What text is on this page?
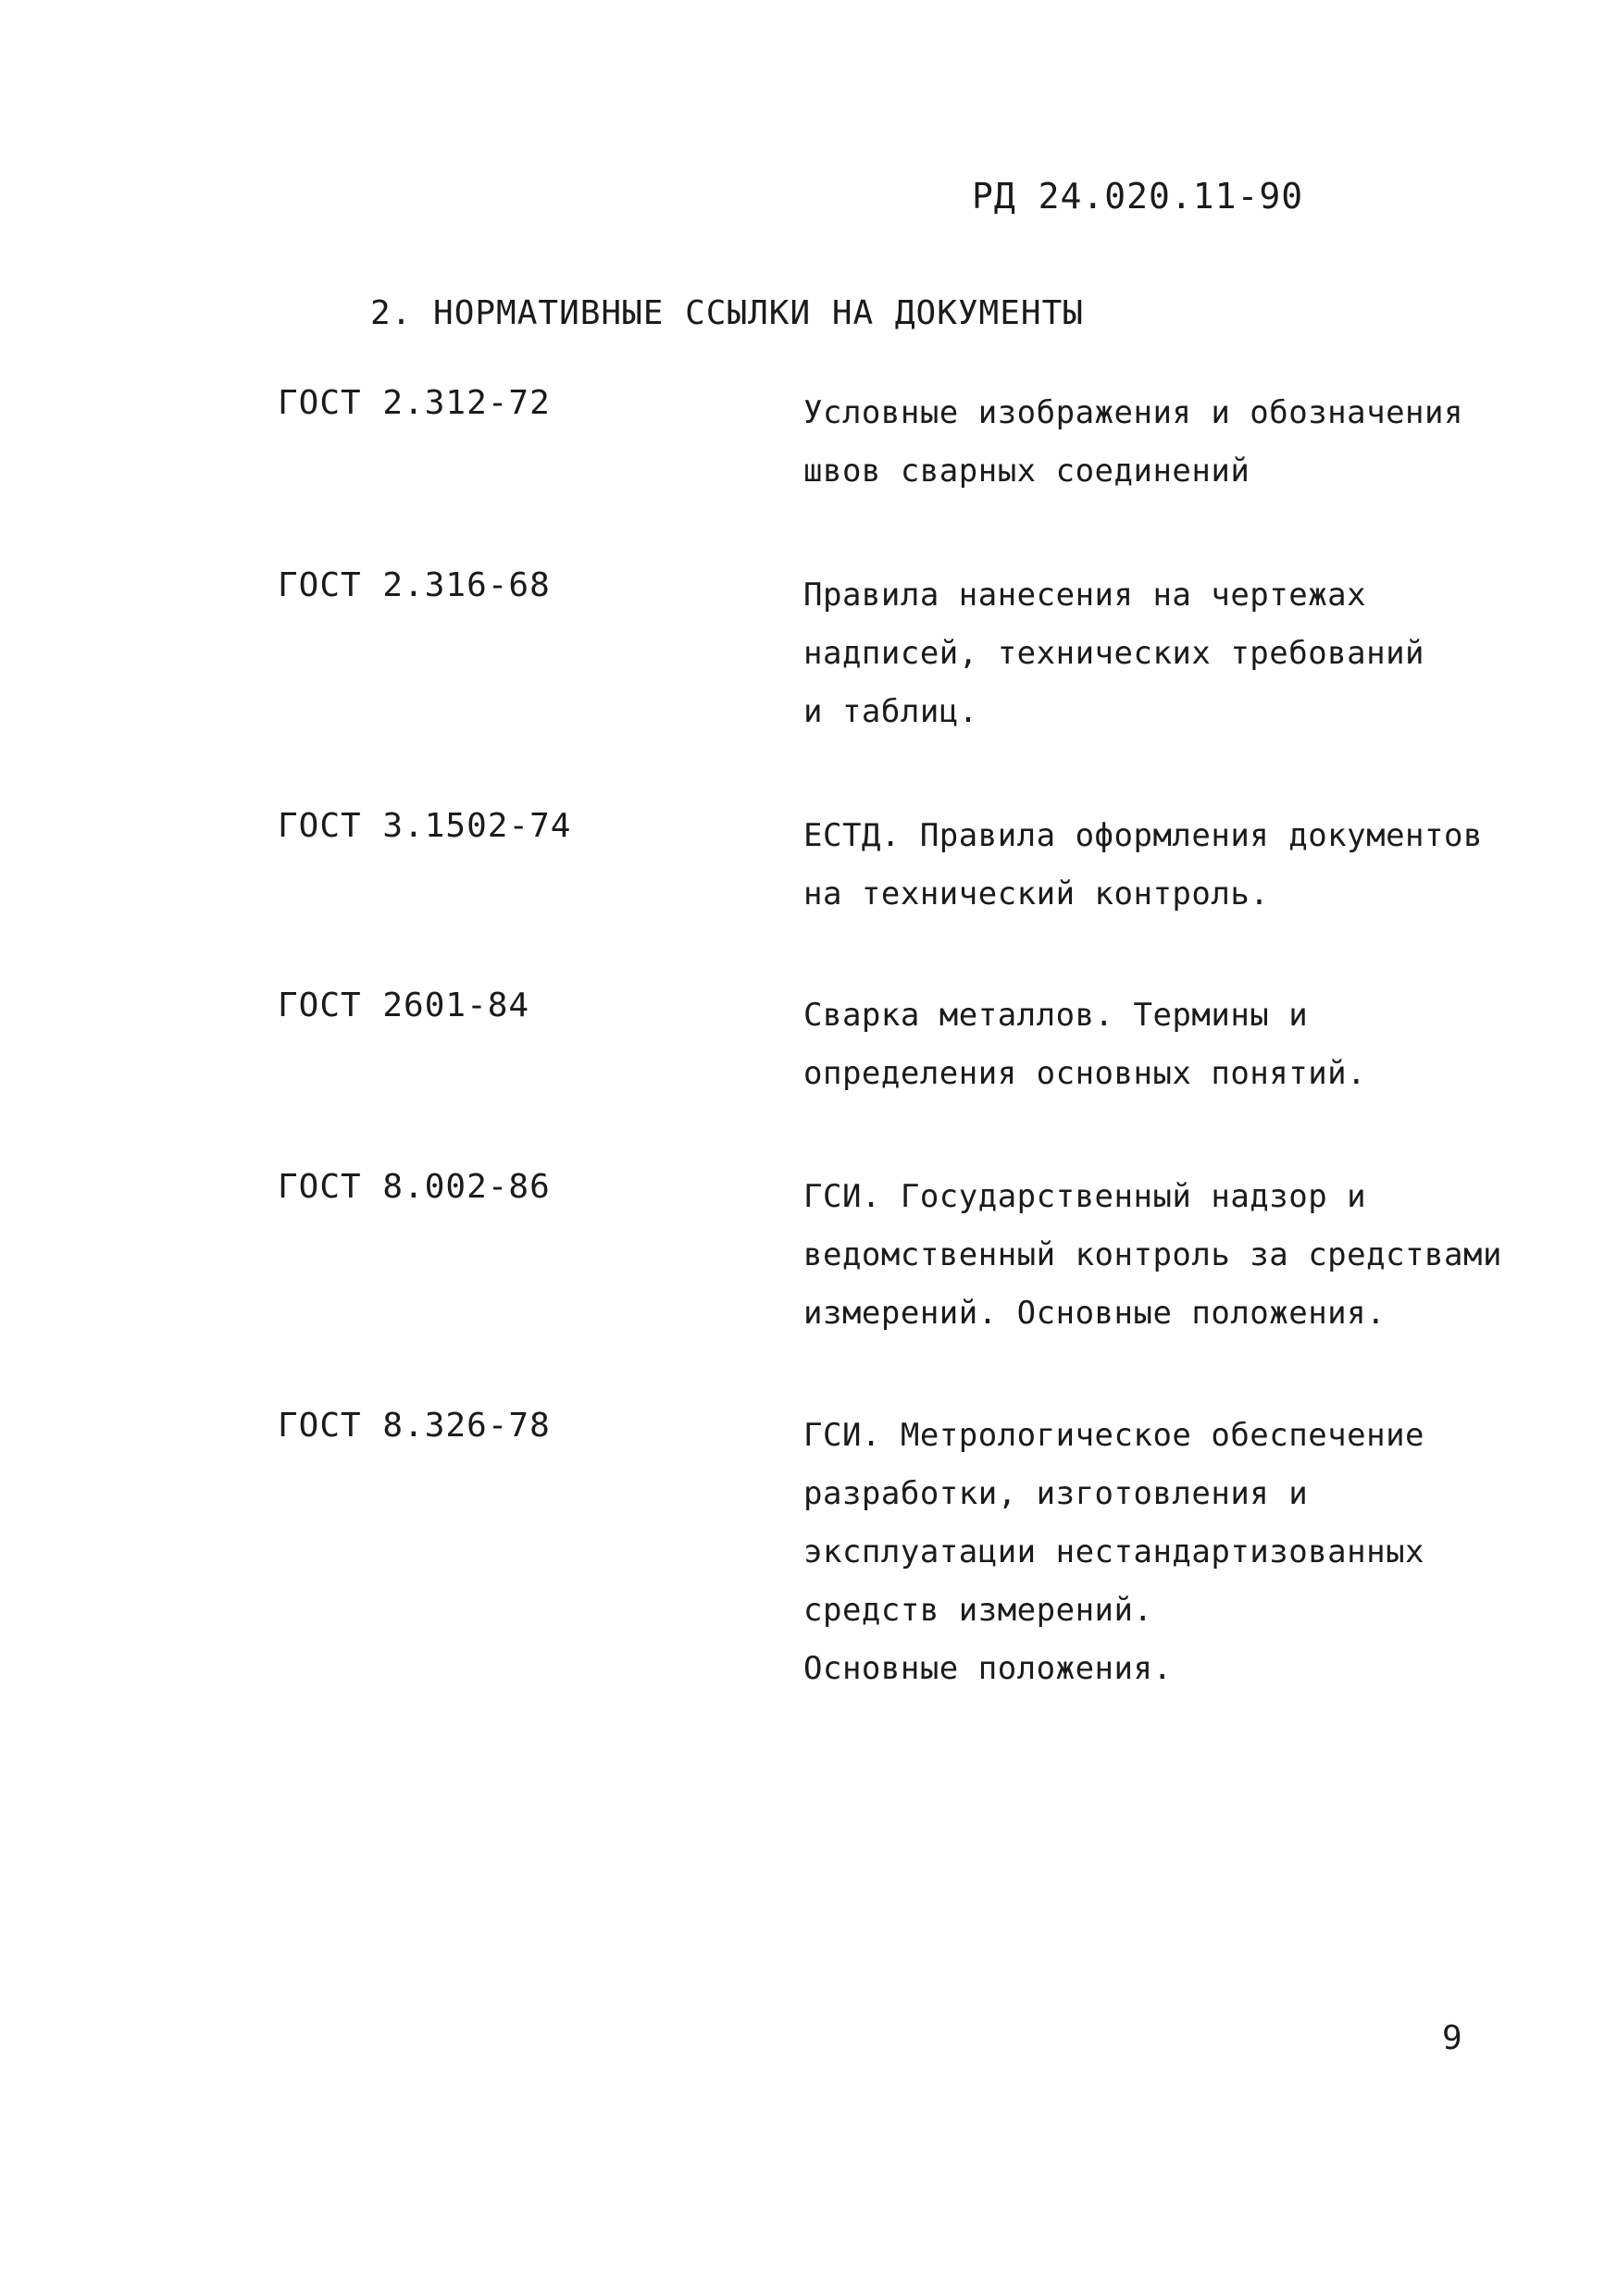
РД 24.020.11-90
2. НОРМАТИВНЫЕ ССЫЛКИ НА ДОКУМЕНТЫ
ГОСТ 2.312-72	Условные изображения и обозначения
швов сварных соединений
ГОСТ 2.316-68	Правила нанесения на чертежах
надписей, технических требований
и таблиц.
ГОСТ 3.1502-74	ЕСТД. Правила оформления документов
на технический контроль.
ГОСТ 2601-84	Сварка металлов. Термины и
определения основных понятий.
ГОСТ 8.002-86	ГСИ. Государственный надзор и
ведомственный контроль за средствами
измерений. Основные положения.
ГОСТ 8.326-78	ГСИ. Метрологическое обеспечение
разработки, изготовления и
эксплуатации нестандартизованных
средств измерений.
Основные положения.
9
